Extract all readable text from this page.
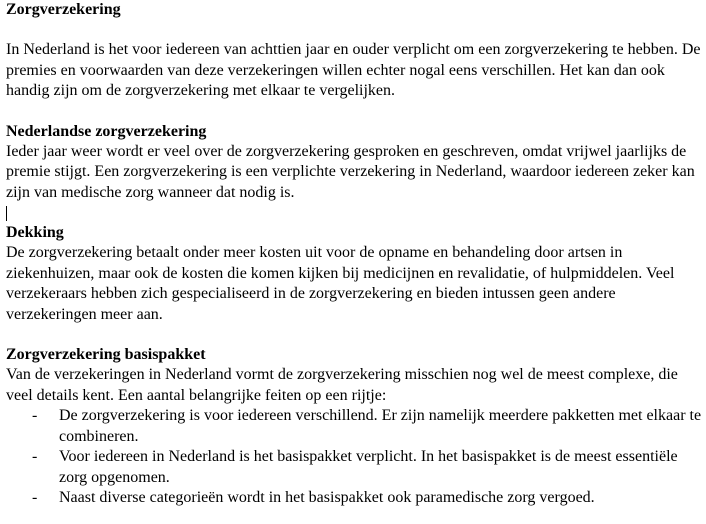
Zorgverzekering

In Nederland is het voor iedereen van achttien jaar en ouder verplicht om een zorgverzekering te hebben. De premies en voorwaarden van deze verzekeringen willen echter nogal eens verschillen. Het kan dan ook handig zijn om de zorgverzekering met elkaar te vergelijken.

Nederlandse zorgverzekering

Ieder jaar weer wordt er veel over de zorgverzekering gesproken en geschreven, omdat vrijwel jaarlijks de premie stijgt. Een zorgverzekering is een verplichte verzekering in Nederland, waardoor iedereen zeker kan zijn van medische zorg wanneer dat nodig is.

Dekking

De zorgverzekering betaalt onder meer kosten uit voor de opname en behandeling door artsen in ziekenhuizen, maar ook de kosten die komen kijken bij medicijnen en revalidatie, of hulpmiddelen. Veel verzekeraars hebben zich gespecialiseerd in de zorgverzekering en bieden intussen geen andere verzekeringen meer aan.

Zorgverzekering basispakket

Van de verzekeringen in Nederland vormt de zorgverzekering misschien nog wel de meest complexe, die veel details kent. Een aantal belangrijke feiten op een rijtje:

- De zorgverzekering is voor iedereen verschillend. Er zijn namelijk meerdere pakketten met elkaar te combineren.
- Voor iedereen in Nederland is het basispakket verplicht. In het basispakket is de meest essentiële zorg opgenomen.
- Naast diverse categorieën wordt in het basispakket ook paramedische zorg vergoed.
